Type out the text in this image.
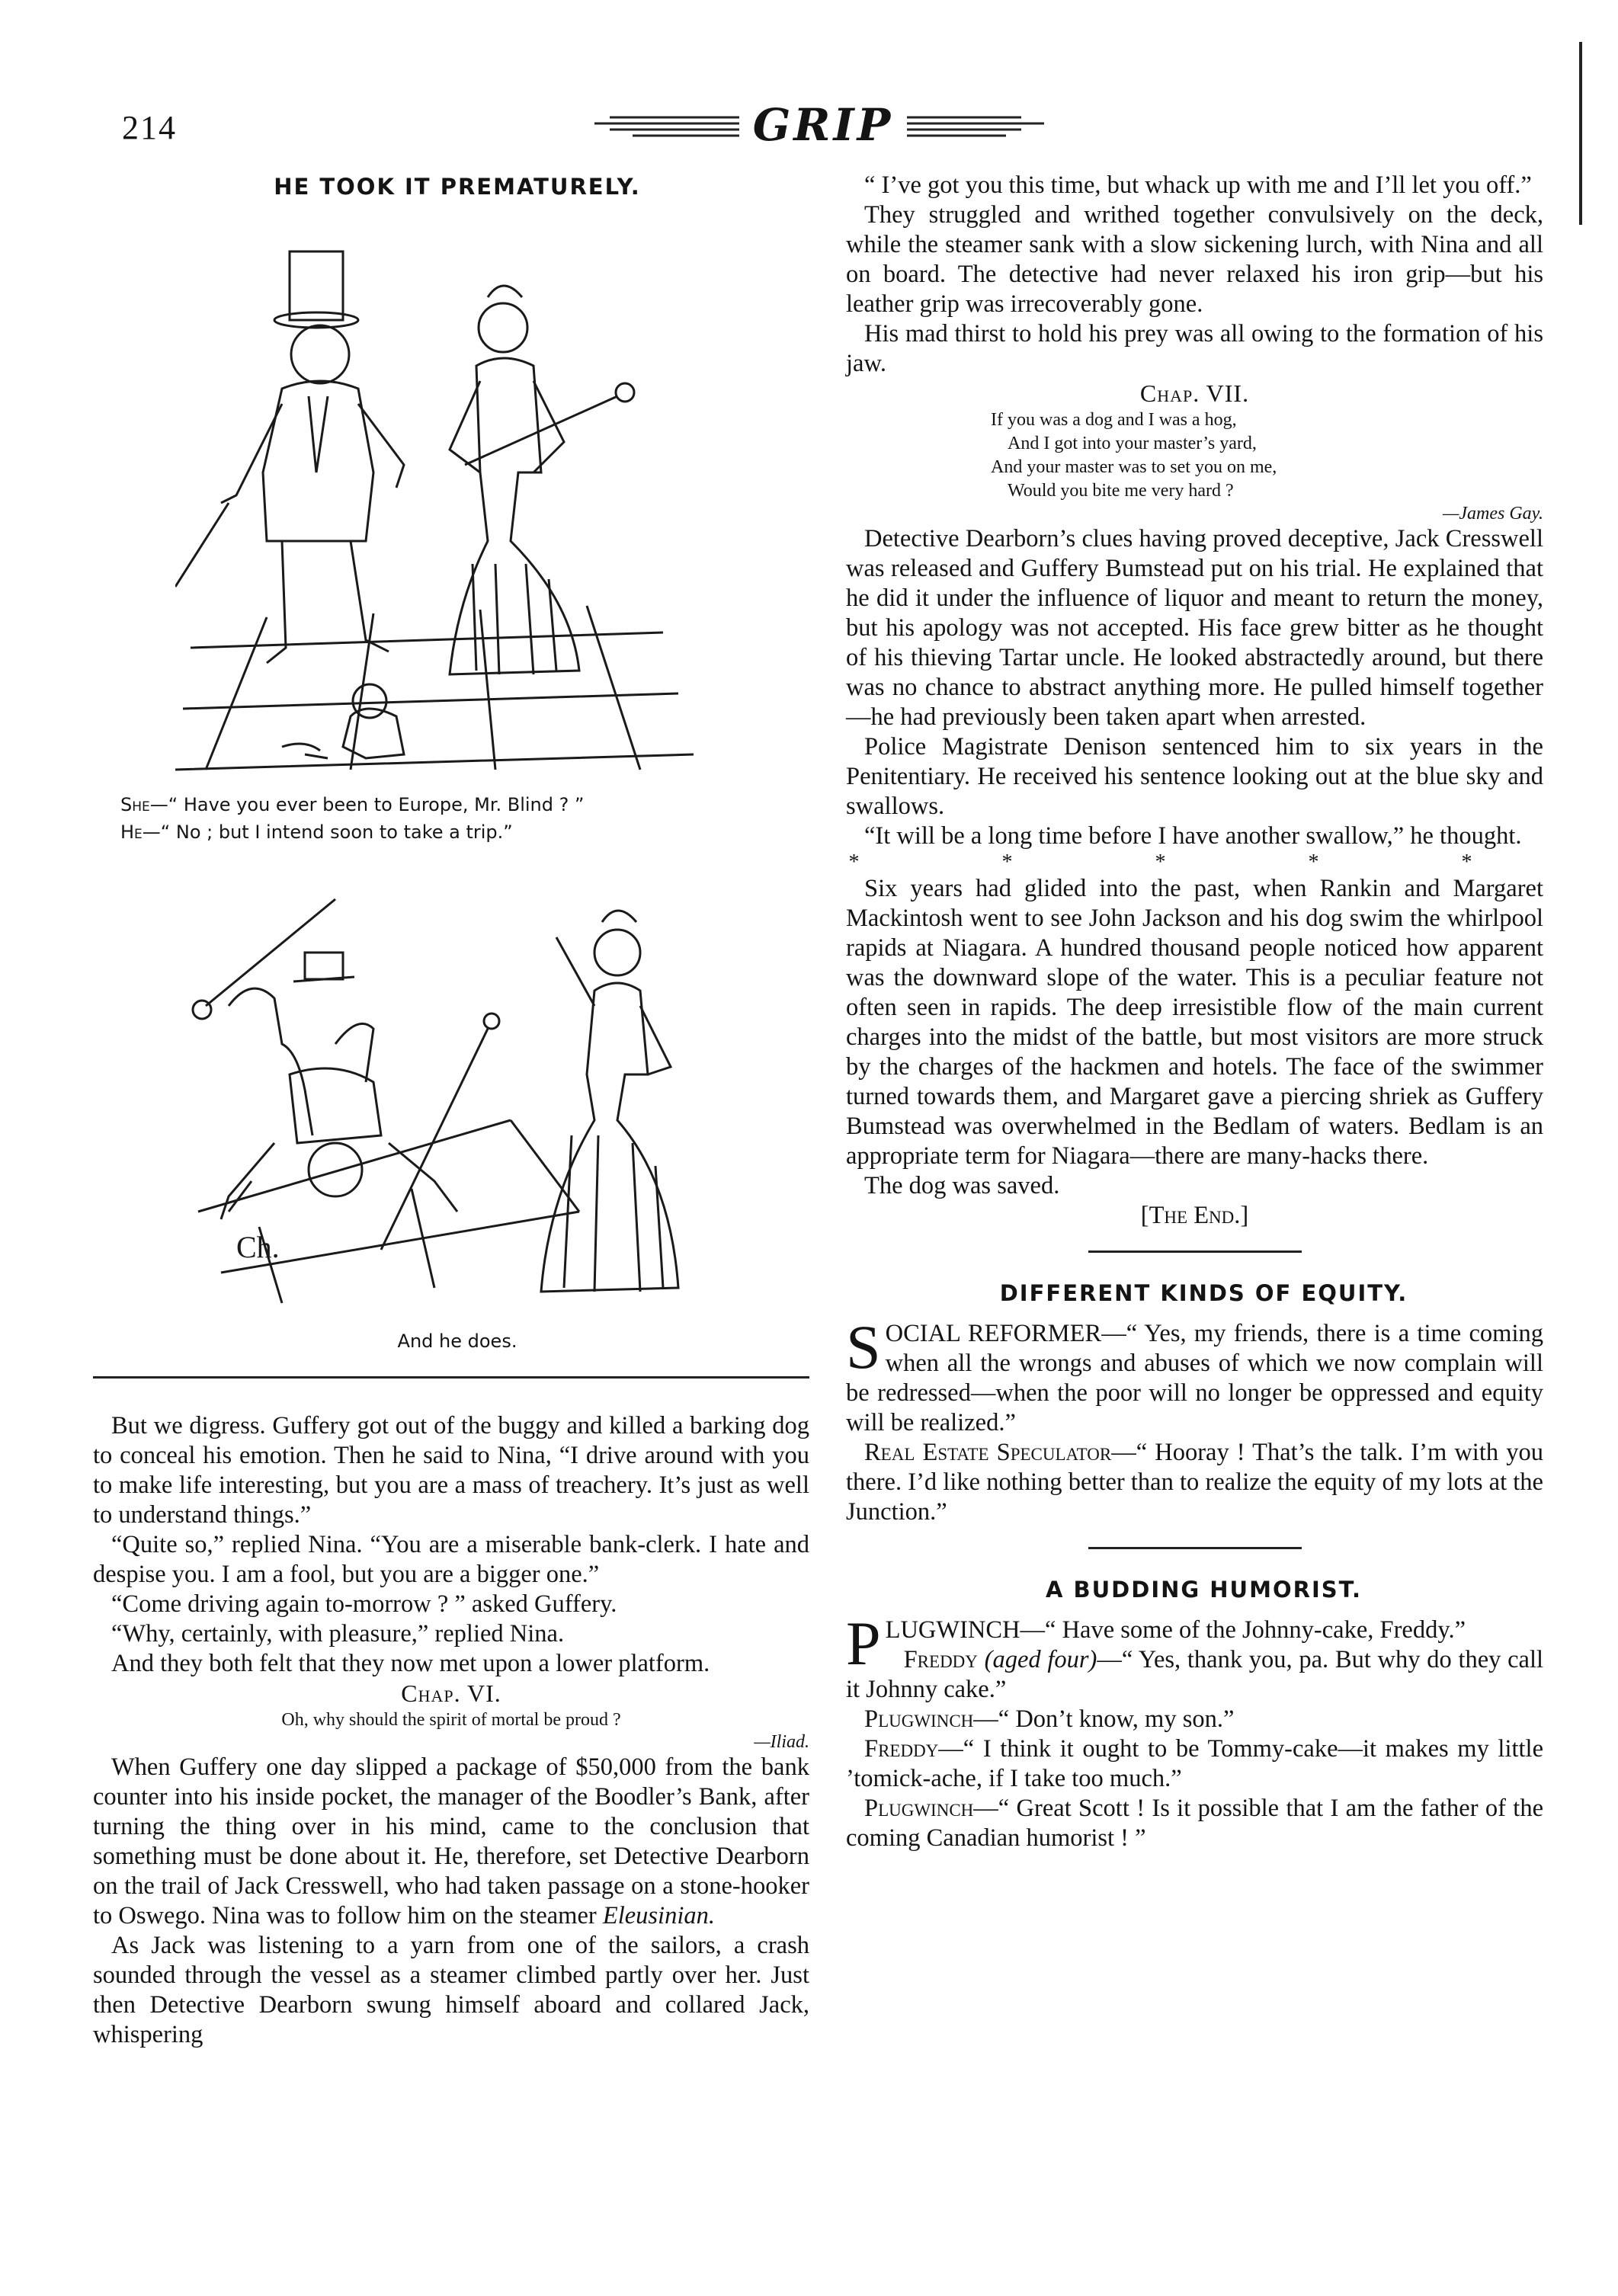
214	GRIP
HE TOOK IT PREMATURELY.
She—“ Have you ever been to Europe, Mr. Blind ? ”
He—“ No ; but I intend soon to take a trip.”
Ch.
And he does.

But we digress. Guffery got out of the buggy and killed a barking dog to conceal his emotion. Then he said to Nina, “I drive around with you to make life interesting, but you are a mass of treachery. It’s just as well to understand things.”

“Quite so,” replied Nina. “You are a miserable bank-clerk. I hate and despise you. I am a fool, but you are a bigger one.”

“Come driving again to-morrow ? ” asked Guffery.

“Why, certainly, with pleasure,” replied Nina.

And they both felt that they now met upon a lower platform.

Chap. VI.

Oh, why should the spirit of mortal be proud ?

—Iliad.

When Guffery one day slipped a package of $50,000 from the bank counter into his inside pocket, the manager of the Boodler’s Bank, after turning the thing over in his mind, came to the conclusion that something must be done about it. He, therefore, set Detective Dearborn on the trail of Jack Cresswell, who had taken passage on a stone-hooker to Oswego. Nina was to follow him on the steamer Eleusinian.

As Jack was listening to a yarn from one of the sailors, a crash sounded through the vessel as a steamer climbed partly over her. Just then Detective Dearborn swung himself aboard and collared Jack, whispering

“ I’ve got you this time, but whack up with me and I’ll let you off.”

They struggled and writhed together convulsively on the deck, while the steamer sank with a slow sickening lurch, with Nina and all on board. The detective had never relaxed his iron grip—but his leather grip was irrecoverably gone.

His mad thirst to hold his prey was all owing to the formation of his jaw.

Chap. VII.

If you was a dog and I was a hog,
And I got into your master’s yard,
And your master was to set you on me,
Would you bite me very hard ?

—James Gay.

Detective Dearborn’s clues having proved deceptive, Jack Cresswell was released and Guffery Bumstead put on his trial. He explained that he did it under the influence of liquor and meant to return the money, but his apology was not accepted. His face grew bitter as he thought of his thieving Tartar uncle. He looked abstractedly around, but there was no chance to abstract anything more. He pulled himself together—he had previously been taken apart when arrested.

Police Magistrate Denison sentenced him to six years in the Penitentiary. He received his sentence looking out at the blue sky and swallows.

“It will be a long time before I have another swallow,” he thought.

* * * * *

Six years had glided into the past, when Rankin and Margaret Mackintosh went to see John Jackson and his dog swim the whirlpool rapids at Niagara. A hundred thousand people noticed how apparent was the downward slope of the water. This is a peculiar feature not often seen in rapids. The deep irresistible flow of the main current charges into the midst of the battle, but most visitors are more struck by the charges of the hackmen and hotels. The face of the swimmer turned towards them, and Margaret gave a piercing shriek as Guffery Bumstead was overwhelmed in the Bedlam of waters. Bedlam is an appropriate term for Niagara—there are many-hacks there.

The dog was saved.

[The End.]

DIFFERENT KINDS OF EQUITY.

SOCIAL REFORMER—“ Yes, my friends, there is a time coming when all the wrongs and abuses of which we now complain will be redressed—when the poor will no longer be oppressed and equity will be realized.”

Real Estate Speculator—“ Hooray ! That’s the talk. I’m with you there. I’d like nothing better than to realize the equity of my lots at the Junction.”

A BUDDING HUMORIST.

PLUGWINCH—“ Have some of the Johnny-cake, Freddy.”

Freddy (aged four)—“ Yes, thank you, pa. But why do they call it Johnny cake.”

Plugwinch—“ Don’t know, my son.”

Freddy—“ I think it ought to be Tommy-cake—it makes my little ’tomick-ache, if I take too much.”

Plugwinch—“ Great Scott ! Is it possible that I am the father of the coming Canadian humorist ! ”
